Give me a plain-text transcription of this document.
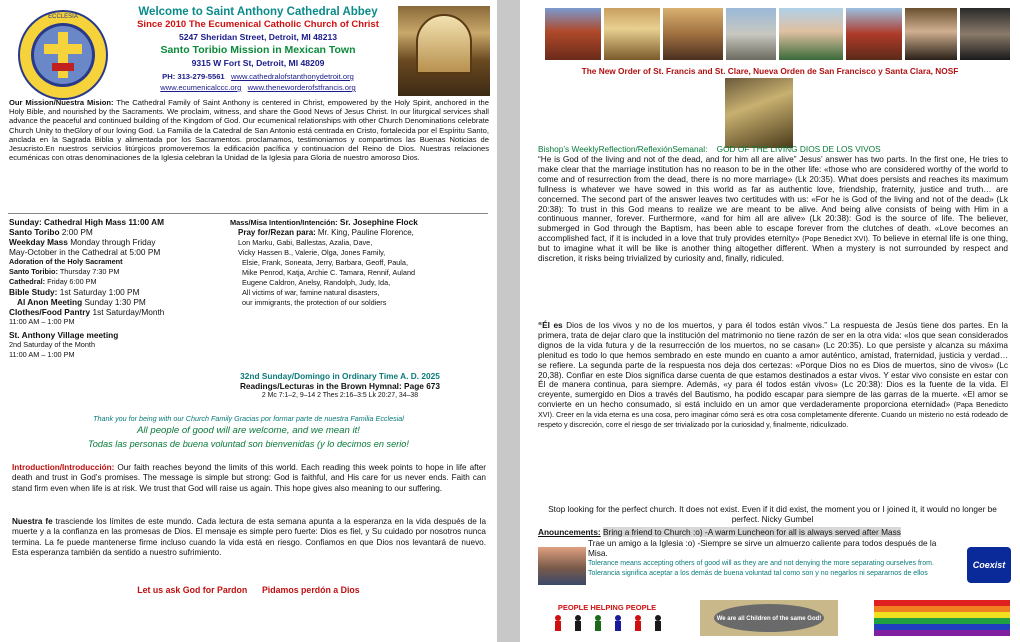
ECCLESIA	Welcome to Saint Anthony Cathedral Abbey
Since 2010 The Ecumenical Catholic Church of Christ
5247 Sheridan Street, Detroit, MI 48213
Santo Toribio Mission in Mexican Town
9315 W Fort St, Detroit, MI 48209
PH: 313-279-5561 www.cathedralofstanthonydetroit.org
www.ecumenicalccc.org www.theneworderofstfrancis.org
Our Mission/Nuestra Mision: The Cathedral Family of Saint Anthony is centered in Christ, empowered by the Holy Spirit, anchored in the Holy Bible, and nourished by the Sacraments. We proclaim, witness, and share the Good News of Jesus Christ. In our liturgical services shall advance the peaceful and continued building of the Kingdom of God. Our ecumenical relationships with other Church Denominations celebrate Church Unity to theGlory of our loving God. La Familia de la Catedral de San Antonio está centrada en Cristo, fortalecida por el Espíritu Santo, anclada en la Sagrada Biblia y alimentada por los Sacramentos. proclamamos, testimoniamos y compartimos las Buenas Noticias de Jesucristo.En nuestros servicios litúrgicos promoveremos la edificación pacífica y continuacion del Reino de Dios. Nuestras relaciones ecuménicas con otras denominaciones de la Iglesia celebran la Unidad de la Iglesia para Gloria de nuestro amoroso Dios.
Sunday: Cathedral High Mass 11:00 AM
Santo Toribo 2:00 PM
Weekday Mass Monday through Friday
May-October in the Cathedral at 5:00 PM
Adoration of the Holy Sacrament
Santo Toribio: Thursday 7:30 PM
Cathedral: Friday 6:00 PM
Bible Study: 1st Saturday 1:00 PM
Al Anon Meeting Sunday 1:30 PM
Clothes/Food Pantry 1st Saturday/Month
11:00 AM – 1:00 PM
St. Anthony Village meeting
2nd Saturday of the Month
11:00 AM – 1:00 PM
Mass/Misa Intention/Intención: Sr. Josephine Flock
Pray for/Rezan para: Mr. King, Pauline Florence,
Lon Marku, Gabi, Ballestas, Azalia, Dave,
Vicky Hassen B., Valerie, Olga, Jones Family,
Elsie, Frank, Soneata, Jerry, Barbara, Geoff, Paula,
Mike Penrod, Katja, Archie C. Tamara, Rennif, Auland
Eugene Caldron, Anelsy, Randolph, Judy, Ida,
All victims of war, famine natural disasters,
our immigrants, the protection of our soldiers
32nd Sunday/Domingo in Ordinary Time A. D. 2025
Readings/Lecturas in the Brown Hymnal: Page 673
2 Mc 7:1–2, 9–14 2 Thes 2:16–3:5 Lk 20:27, 34–38
Thank you for being with our Church Family Gracias por formar parte de nuestra Familia Ecclesial
All people of good will are welcome, and we mean it!
Todas las personas de buena voluntad son bienvenidas (y lo decimos en serio!
Introduction/Introducción: Our faith reaches beyond the limits of this world. Each reading this week points to hope in life after death and trust in God’s promises. The message is simple but strong: God is faithful, and His care for us never ends. Faith can stand firm even when life is at risk. We trust that God will raise us again. This hope gives also meaning to our suffering.
Nuestra fe trasciende los límites de este mundo. Cada lectura de esta semana apunta a la esperanza en la vida después de la muerte y a la confianza en las promesas de Dios. El mensaje es simple pero fuerte: Dios es fiel, y Su cuidado por nosotros nunca termina. La fe puede mantenerse firme incluso cuando la vida está en riesgo. Confiamos en que Dios nos levantará de nuevo. Esta esperanza también da sentido a nuestro sufrimiento.
Let us ask God for Pardon Pidamos perdón a Dios
The New Order of St. Francis and St. Clare, Nueva Orden de San Francisco y Santa Clara, NOSF
Bishop’s WeeklyReflection/ReflexiónSemanal: GOD OF THE LIVING DIOS DE LOS VIVOS
“He is God of the living and not of the dead, and for him all are alive” Jesus’ answer has two parts. In the first one, He tries to make clear that the marriage institution has no reason to be in the other life: «those who are considered worthy of the world to come and of resurrection from the dead, there is no more marriage» (Lk 20:35). What does persists and reaches its maximum fullness is whatever we have sowed in this world as far as authentic love, friendship, fraternity, justice and truth… are concerned. The second part of the answer leaves two certitudes with us: «For he is God of the living and not of the dead» (Lk 20:38): To trust in this God means to realize we are meant to be alive. And being alive consists of being with Him in a continuous manner, forever. Furthermore, «and for him all are alive» (Lk 20:38): God is the source of life. The believer, submerged in God through the Baptism, has been able to escape forever from the clutches of death. «Love becomes an accomplished fact, if it is included in a love that truly provides eternity» (Pope Benedict XVI). To believe in eternal life is one thing, but to imagine what it will be like is another thing altogether different. When a mystery is not surrounded by respect and discretion, it risks being trivialized by curiosity and, finally, ridiculed.
“Él es Dios de los vivos y no de los muertos, y para él todos están vivos.” La respuesta de Jesús tiene dos partes. En la primera, trata de dejar claro que la institución del matrimonio no tiene razón de ser en la otra vida: «los que sean considerados dignos de la vida futura y de la resurrección de los muertos, no se casan» (Lc 20:35). Lo que persiste y alcanza su máxima plenitud es todo lo que hemos sembrado en este mundo en cuanto a amor auténtico, amistad, fraternidad, justicia y verdad… se refiere. La segunda parte de la respuesta nos deja dos certezas: «Porque Dios no es Dios de muertos, sino de vivos» (Lc 20,38). Confiar en este Dios significa darse cuenta de que estamos destinados a estar vivos. Y estar vivo consiste en estar con Él de manera continua, para siempre. Además, «y para él todos están vivos» (Lc 20:38): Dios es la fuente de la vida. El creyente, sumergido en Dios a través del Bautismo, ha podido escapar para siempre de las garras de la muerte. «El amor se convierte en un hecho consumado, si está incluido en un amor que verdaderamente proporciona eternidad» (Papa Benedicto XVI). Creer en la vida eterna es una cosa, pero imaginar cómo será es otra cosa completamente diferente. Cuando un misterio no está rodeado de respeto y discreción, corre el riesgo de ser trivializado por la curiosidad y, finalmente, ridiculizado.
Stop looking for the perfect church. It does not exist. Even if it did exist, the moment you or I joined it, it would no longer be perfect. Nicky Gumbel
Anouncements: Bring a friend to Church :o) -A warm Luncheon for all is always served after Mass
Trae un amigo a la Iglesia :o) -Siempre se sirve un almuerzo caliente para todos después de la Misa.
Tolerance means accepting others of good will as they are and not denying the more separating ourselves from. Tolerancia significa aceptar a los demás de buena voluntad tal como son y no negarlos ni separarnos de ellos
Coexist
PEOPLE HELPING PEOPLE
We are all Children of the same God!
